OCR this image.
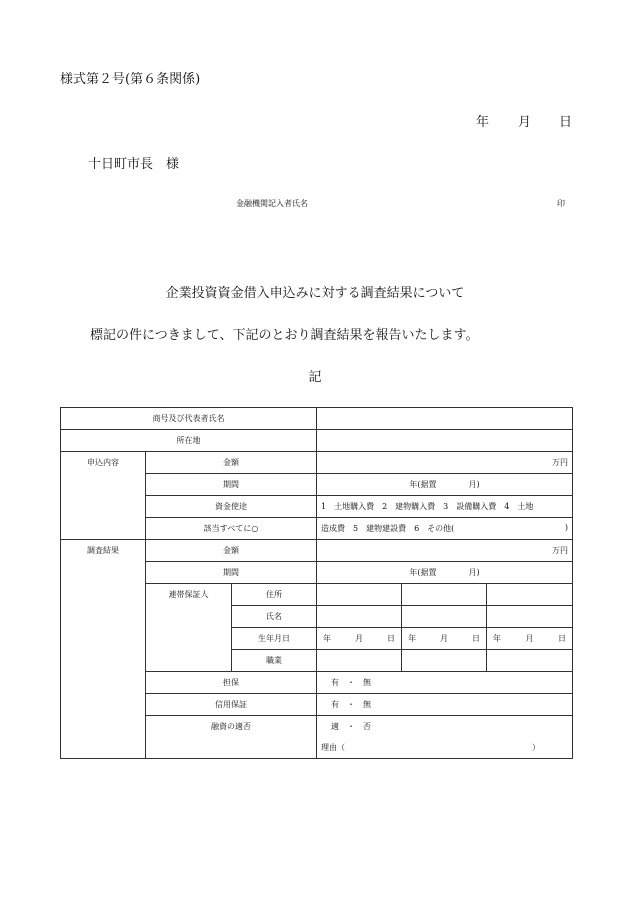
様式第２号(第６条関係)
年 月 日
十日町市長　様
金融機関記入者氏名	印
企業投資資金借入申込みに対する調査結果について
標記の件につきまして、下記のとおり調査結果を報告いたします。
記
商号及び代表者氏名					
所在地					
申込内容	金額		万円		
	期間		年(据置　　　　月)		
	資金使途		1　土地購入費　2　建物購入費　3　設備購入費　4　土地		
	該当すべてに○		造成費　5　建物建設費　6　その他( )		

調査結果	金額		万円		
	期間		年(据置　　　　月)		
	連帯保証人	住所			
		氏名			
		生年月日	年 月 日	年 月 日	年 月 日

		職業			
	担保		有　・　無		
	信用保証		有　・　無		
	融資の適否		適　・　否		

			理由（ ）		
